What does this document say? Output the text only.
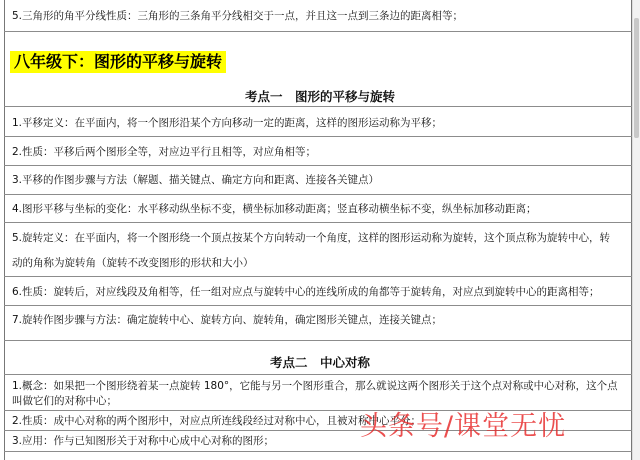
5.三角形的角平分线性质：三角形的三条角平分线相交于一点，并且这一点到三条边的距离相等；
八年级下：图形的平移与旋转
考点一　图形的平移与旋转
1.平移定义：在平面内，将一个图形沿某个方向移动一定的距离，这样的图形运动称为平移；
2.性质：平移后两个图形全等，对应边平行且相等，对应角相等；
3.平移的作图步骤与方法（解题、描关键点、确定方向和距离、连接各关键点）
4.图形平移与坐标的变化：水平移动纵坐标不变，横坐标加移动距离；竖直移动横坐标不变，纵坐标加移动距离；
5.旋转定义：在平面内，将一个图形绕一个顶点按某个方向转动一个角度，这样的图形运动称为旋转，这个顶点称为旋转中心，转
动的角称为旋转角（旋转不改变图形的形状和大小）
6.性质：旋转后，对应线段及角相等，任一组对应点与旋转中心的连线所成的角都等于旋转角，对应点到旋转中心的距离相等；
7.旋转作图步骤与方法：确定旋转中心、旋转方向、旋转角，确定图形关键点，连接关键点；
考点二　中心对称
1.概念：如果把一个图形绕着某一点旋转 180°，它能与另一个图形重合，那么就说这两个图形关于这个点对称或中心对称，这个点
叫做它们的对称中心；
2.性质：成中心对称的两个图形中，对应点所连线段经过对称中心，且被对称中心平分；
3.应用：作与已知图形关于对称中心成中心对称的图形；	头条号/课堂无忧
